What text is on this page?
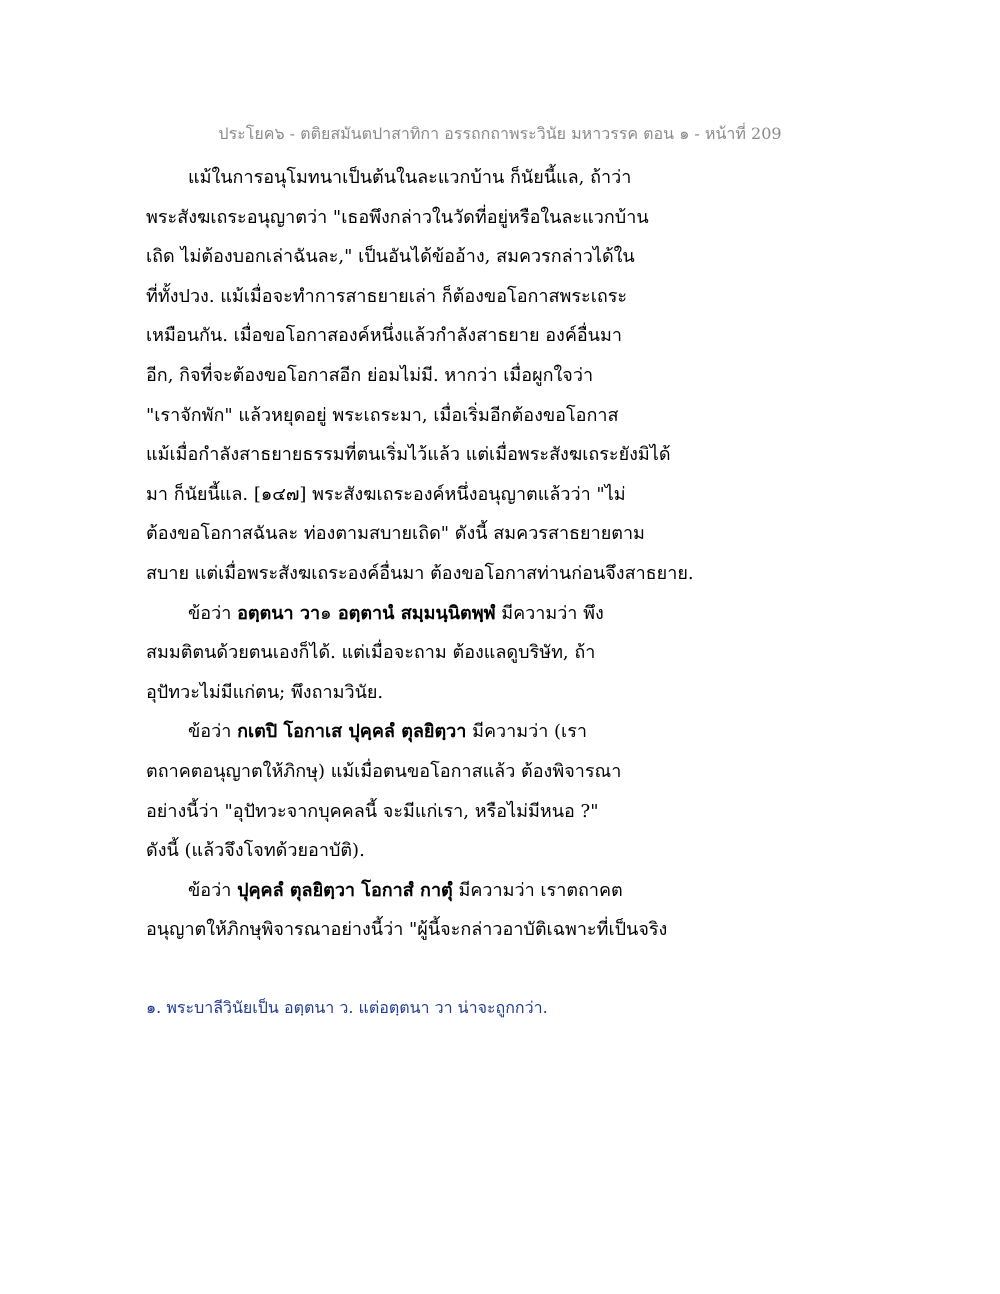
ประโยค๖ - ตติยสมันตปาสาทิกา อรรถกถาพระวินัย มหาวรรค ตอน ๑ - หน้าที่ 209
แม้ในการอนุโมทนาเป็นต้นในละแวกบ้าน ก็นัยนี้แล, ถ้าว่า
พระสังฆเถระอนุญาตว่า "เธอพึงกล่าวในวัดที่อยู่หรือในละแวกบ้าน
เถิด ไม่ต้องบอกเล่าฉันละ," เป็นอันได้ข้ออ้าง, สมควรกล่าวได้ใน
ที่ทั้งปวง. แม้เมื่อจะทำการสาธยายเล่า ก็ต้องขอโอกาสพระเถระ
เหมือนกัน. เมื่อขอโอกาสองค์หนึ่งแล้วกำลังสาธยาย องค์อื่นมา
อีก, กิจที่จะต้องขอโอกาสอีก ย่อมไม่มี. หากว่า เมื่อผูกใจว่า
"เราจักพัก" แล้วหยุดอยู่ พระเถระมา, เมื่อเริ่มอีกต้องขอโอกาส
แม้เมื่อกำลังสาธยายธรรมที่ตนเริ่มไว้แล้ว แต่เมื่อพระสังฆเถระยังมิได้
มา ก็นัยนี้แล. [๑๔๗] พระสังฆเถระองค์หนึ่งอนุญาตแล้วว่า "ไม่
ต้องขอโอกาสฉันละ ท่องตามสบายเถิด" ดังนี้ สมควรสาธยายตาม
สบาย แต่เมื่อพระสังฆเถระองค์อื่นมา ต้องขอโอกาสท่านก่อนจึงสาธยาย.
ข้อว่า อตฺตนา วา๑ อตฺตานํ สมฺมนฺนิตพฺพํ มีความว่า พึง
สมมติตนด้วยตนเองก็ได้. แต่เมื่อจะถาม ต้องแลดูบริษัท, ถ้า
อุปัทวะไม่มีแก่ตน; พึงถามวินัย.
ข้อว่า กเตปิ โอกาเส ปุคฺคลํ ตุลยิตฺวา มีความว่า (เรา
ตถาคตอนุญาตให้ภิกษุ) แม้เมื่อตนขอโอกาสแล้ว ต้องพิจารณา
อย่างนี้ว่า "อุปัทวะจากบุคคลนี้ จะมีแก่เรา, หรือไม่มีหนอ ?"
ดังนี้ (แล้วจึงโจทด้วยอาบัติ).
ข้อว่า ปุคฺคลํ ตุลยิตฺวา โอกาสํ กาตุํ มีความว่า เราตถาคต
อนุญาตให้ภิกษุพิจารณาอย่างนี้ว่า "ผู้นี้จะกล่าวอาบัติเฉพาะที่เป็นจริง
๑. พระบาลีวินัยเป็น อตฺตนา ว. แต่อตฺตนา วา น่าจะถูกกว่า.
